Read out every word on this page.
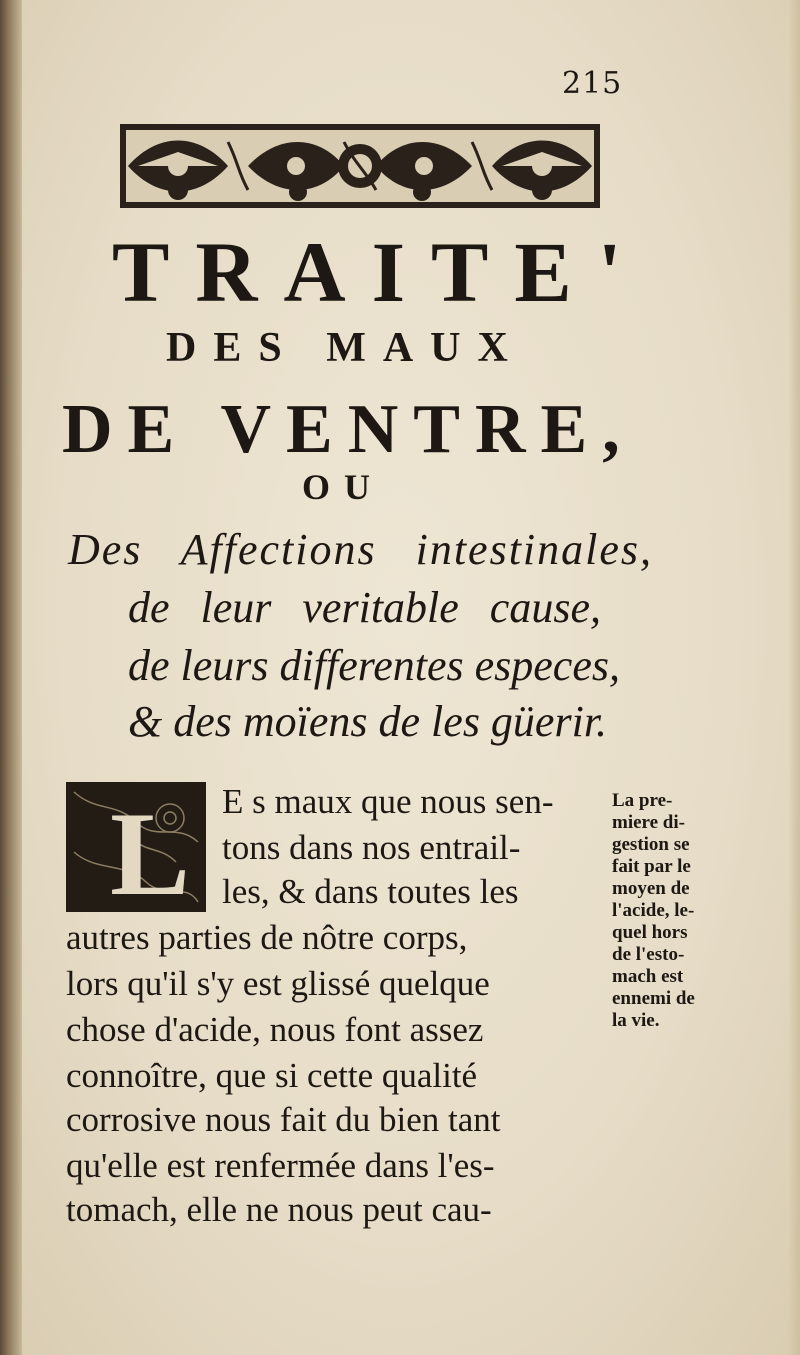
215
TRAITE'
DES MAUX
DE VENTRE,
OU
Des Affections intestinales,
de leur veritable cause,
de leurs differentes especes,
& des moïens de les güerir.
L E s maux que nous sen-
tons dans nos entrail-
les, & dans toutes les
autres parties de nôtre corps,
lors qu'il s'y est glissé quelque
chose d'acide, nous font assez
connoître, que si cette qualité
corrosive nous fait du bien tant
qu'elle est renfermée dans l'es-
tomach, elle ne nous peut cau-
La pre-
miere di-
gestion se
fait par le
moyen de
l'acide, le-
quel hors
de l'esto-
mach est
ennemi de
la vie.
